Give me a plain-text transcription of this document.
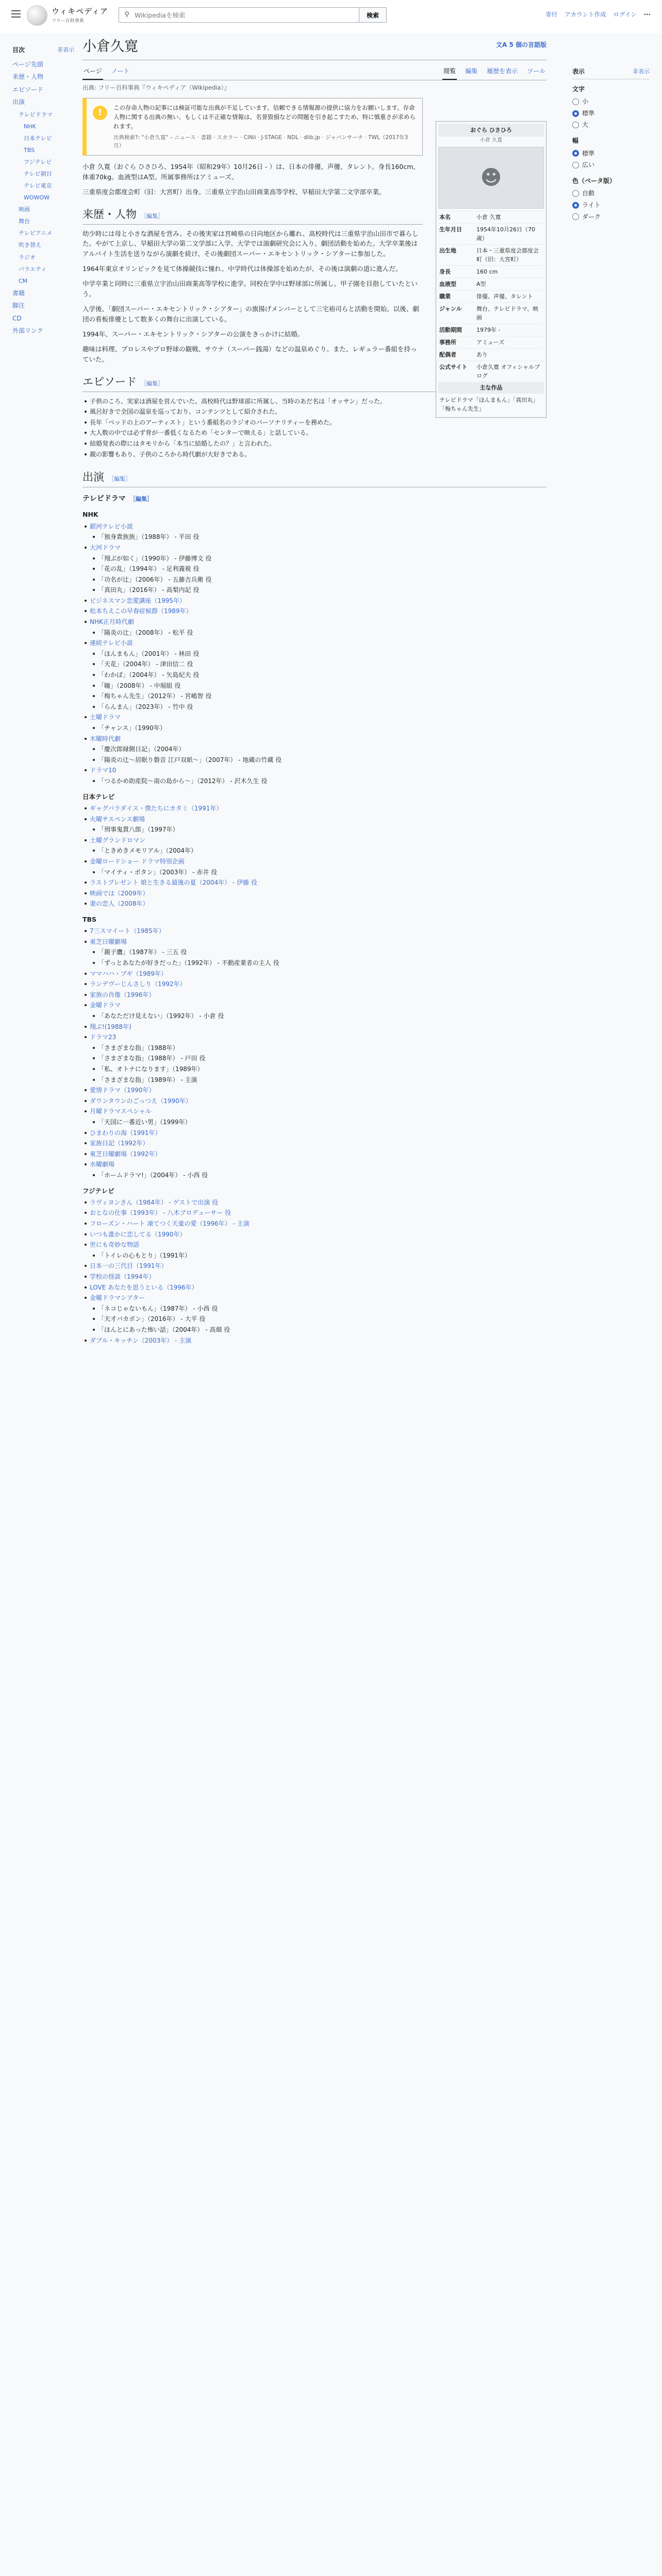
ウィキペディア
フリー百科事典
⚲
Wikipediaを検索	検索	寄付 アカウント作成 ログイン ···
目次	非表示
ページ先頭
来歴・人物
エピソード
出演
テレビドラマ
NHK
日本テレビ
TBS
フジテレビ
テレビ朝日
テレビ東京
WOWOW
映画
舞台
テレビアニメ
吹き替え
ラジオ
バラエティ
CM
書籍
脚注
CD
外部リンク
小倉久寛	文A 5 個の言語版
ページ ノート	閲覧 編集 履歴を表示 ツール
出典: フリー百科事典『ウィキペディア（Wikipedia）』
!	この存命人物の記事には検証可能な出典が不足しています。信頼できる情報源の提供に協力をお願いします。存命人物に関する出典の無い、もしくは不正確な情報は、名誉毀損などの問題を引き起こすため、特に慎重さが求められます。
出典検索?: "小倉久寛" – ニュース · 書籍 · スカラー · CiNii · J-STAGE · NDL · dlib.jp · ジャパンサーチ · TWL（2017年3月）

小倉 久寛（おぐら ひさひろ、1954年（昭和29年）10月26日 - ）は、日本の俳優、声優、タレント。身長160cm、体重70kg。血液型はA型。所属事務所はアミューズ。

三重県度会郡度会町（旧：大宮町）出身。三重県立宇治山田商業高等学校、早稲田大学第二文学部卒業。

来歴・人物 ［編集］

幼少時には母と小さな酒屋を営み、その後実家は宮崎県の日向地区から離れ、高校時代は三重県宇治山田市で暮らした。やがて上京し、早稲田大学の第二文学部に入学。大学では演劇研究会に入り、劇団活動を始めた。大学卒業後はアルバイト生活を送りながら演劇を続け、その後劇団スーパー・エキセントリック・シアターに参加した。

1964年東京オリンピックを見て体操競技に憧れ、中学時代は体操部を始めたが、その後は演劇の道に進んだ。

中学卒業と同時に三重県立宇治山田商業高等学校に進学。同校在学中は野球部に所属し、甲子園を目指していたという。

入学後、「劇団スーパー・エキセントリック・シアター」の旗揚げメンバーとして三宅裕司らと活動を開始。以後、劇団の看板俳優として数多くの舞台に出演している。

1994年、スーパー・エキセントリック・シアターの公演をきっかけに結婚。

趣味は料理、プロレスやプロ野球の観戦、サウナ（スーパー銭湯）などの温泉めぐり。また、レギュラー番組を持っていた。

エピソード ［編集］
子供のころ、実家は酒屋を営んでいた。高校時代は野球部に所属し、当時のあだ名は「オッサン」だった。
風呂好きで全国の温泉を巡っており、コンテンツとして紹介された。
長年「ベッドの上のアーティスト」という番組名のラジオのパーソナリティーを務めた。
大人数の中では必ず背が一番低くなるため「センターで映える」と話している。
結婚発表の際にはタモリから「本当に結婚したの？」と言われた。
親の影響もあり、子供のころから時代劇が大好きである。
出演 ［編集］
テレビドラマ ［編集］
NHK
銀河テレビ小説
「独身貴族族」（1988年） - 平田 役
大河ドラマ
「翔ぶが如く」（1990年） - 伊藤博文 役
「花の乱」（1994年） - 足利義視 役
「功名が辻」（2006年） - 五藤吉兵衛 役
「真田丸」（2016年） - 高梨内記 役
ビジネスマン恋愛講座（1995年）
松本ちえこの早春症候群（1989年）
NHK正月時代劇
「陽炎の辻」（2008年） - 松平 役
連続テレビ小説
「ほんまもん」（2001年） - 林田 役
「天花」（2004年） - 津田信二 役
「わかば」（2004年） - 矢島紀夫 役
「瞳」（2008年） - 中堀組 役
「梅ちゃん先生」（2012年） - 宮嶋智 役
「らんまん」（2023年） - 竹中 役
土曜ドラマ
「チャンス」（1990年）
木曜時代劇
「慶次郎縁側日記」（2004年）
「陽炎の辻〜居眠り磐音 江戸双紙〜」（2007年） - 地蔵の竹蔵 役
ドラマ10
「つるかめ助産院〜南の島から〜」（2012年） - 沢木久生 役
日本テレビ
ギャグパラダイス・僕たちにカタミ（1991年）
火曜サスペンス劇場
「刑事鬼貫八郎」（1997年）
土曜グランドロマン
「ときめきメモリアル」（2004年）
金曜ロードショー ドラマ特別企画
「マイティ・ボタン」（2003年） - 赤井 役
ラストプレゼント 娘と生きる最後の夏（2004年） - 伊藤 役
映画では（2009年）
妻の恋人（2008年）
TBS
7三スマイート（1985年）
東芝日曜劇場
「親子鷹」（1987年） - 三五 役
「ずっとあなたが好きだった」（1992年） - 不動産業者の主人 役
ママハハ・ブギ（1989年）
ランデヴーじんさしり（1992年）
家族の肖像（1996年）
金曜ドラマ
「あなただけ見えない」（1992年） - 小倉 役
翔ぶ!(1988年)
ドラマ23
「さまざまな指」（1988年）
「さまざまな指」（1988年） - 戸田 役
「私、オトナになります」（1989年）
「さまざまな指」（1989年） - 主演
愛情ドラマ（1990年）
ダウンタウンのごっつえ（1990年）
月曜ドラマスペシャル
「天国に一番近い男」（1999年）
ひまわりの海（1991年）
家族日記（1992年）
東芝日曜劇場（1992年）
水曜劇場
「ホームドラマ!」（2004年） - 小西 役
フジテレビ
ラヴィヨンさん（1984年） - ゲストで出演 役
おとなの仕事（1993年） - 八木ブロデューサー 役
フローズン・ハート 凍てつく天童の愛（1996年） - 主演
いつも誰かに恋してる（1990年）
世にも奇妙な物語
「トイレの心もとり」（1991年）
日本一の三代目（1991年）
学校の怪談（1994年）
LOVE あなたを思うといる（1996年）
金曜ドラマシアター
「ネコじゃないもん」（1987年） - 小西 役
「天才バカボン」（2016年） - 大平 役
「ほんとにあった怖い話」（2004年） - 高畑 役
ダブル・キッチン（2003年） - 主演
おぐら ひさひろ
小倉 久寛
☻
本名	小倉 久寛
生年月日	1954年10月26日（70歳）
出生地	日本・三重県度会郡度会町（旧：大宮町）
身長	160 cm
血液型	A型
職業	俳優、声優、タレント
ジャンル	舞台、テレビドラマ、映画
活動期間	1979年 -
事務所	アミューズ
配偶者	あり
公式サイト	小倉久寛 オフィシャルブログ
主な作品
テレビドラマ「ほんまもん」「真田丸」「梅ちゃん先生」
表示	非表示
文字
小
標準
大
幅
標準
広い
色（ベータ版）
自動
ライト
ダーク
